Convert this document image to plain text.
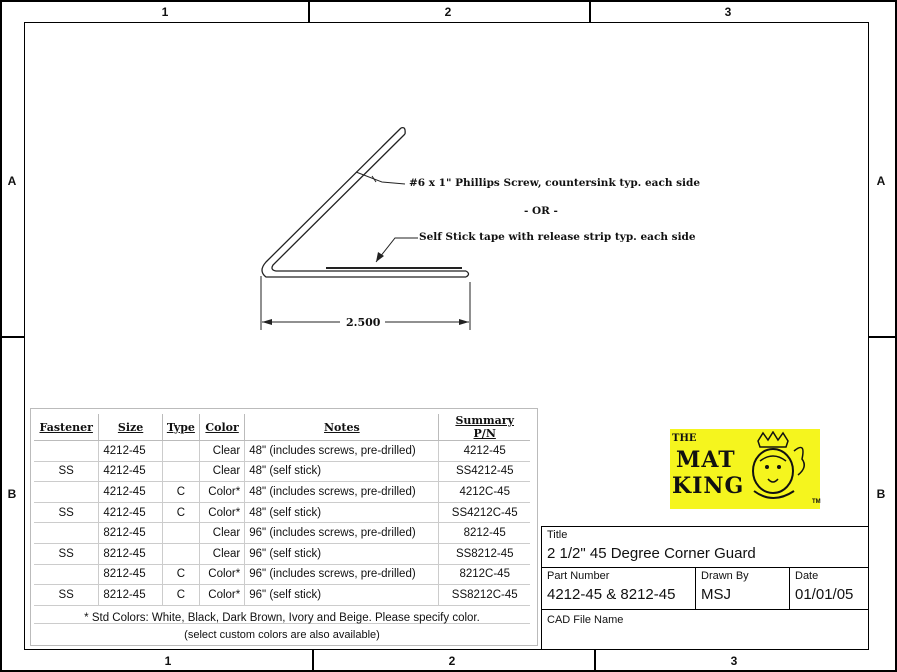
1	2	3
1	2	3
A	A
B	B
#6 x 1" Phillips Screw, countersink typ. each side
- OR -
Self Stick tape with release strip typ. each side
2.500
Fastener	Size	Type	Color	Notes	Summary P/N
	4212-45		Clear	48" (includes screws, pre-drilled)	4212-45
SS	4212-45		Clear	48" (self stick)	SS4212-45
	4212-45	C	Color*	48" (includes screws, pre-drilled)	4212C-45
SS	4212-45	C	Color*	48" (self stick)	SS4212C-45
	8212-45		Clear	96" (includes screws, pre-drilled)	8212-45
SS	8212-45		Clear	96" (self stick)	SS8212-45
	8212-45	C	Color*	96" (includes screws, pre-drilled)	8212C-45
SS	8212-45	C	Color*	96" (self stick)	SS8212C-45

* Std Colors: White, Black, Dark Brown, Ivory and Beige. Please specify color.
(select custom colors are also available)
THE
MAT
KING
TM
Title
2 1/2" 45 Degree Corner Guard
Part Number
4212-45 & 8212-45
Drawn By
MSJ
Date
01/01/05
CAD File Name
